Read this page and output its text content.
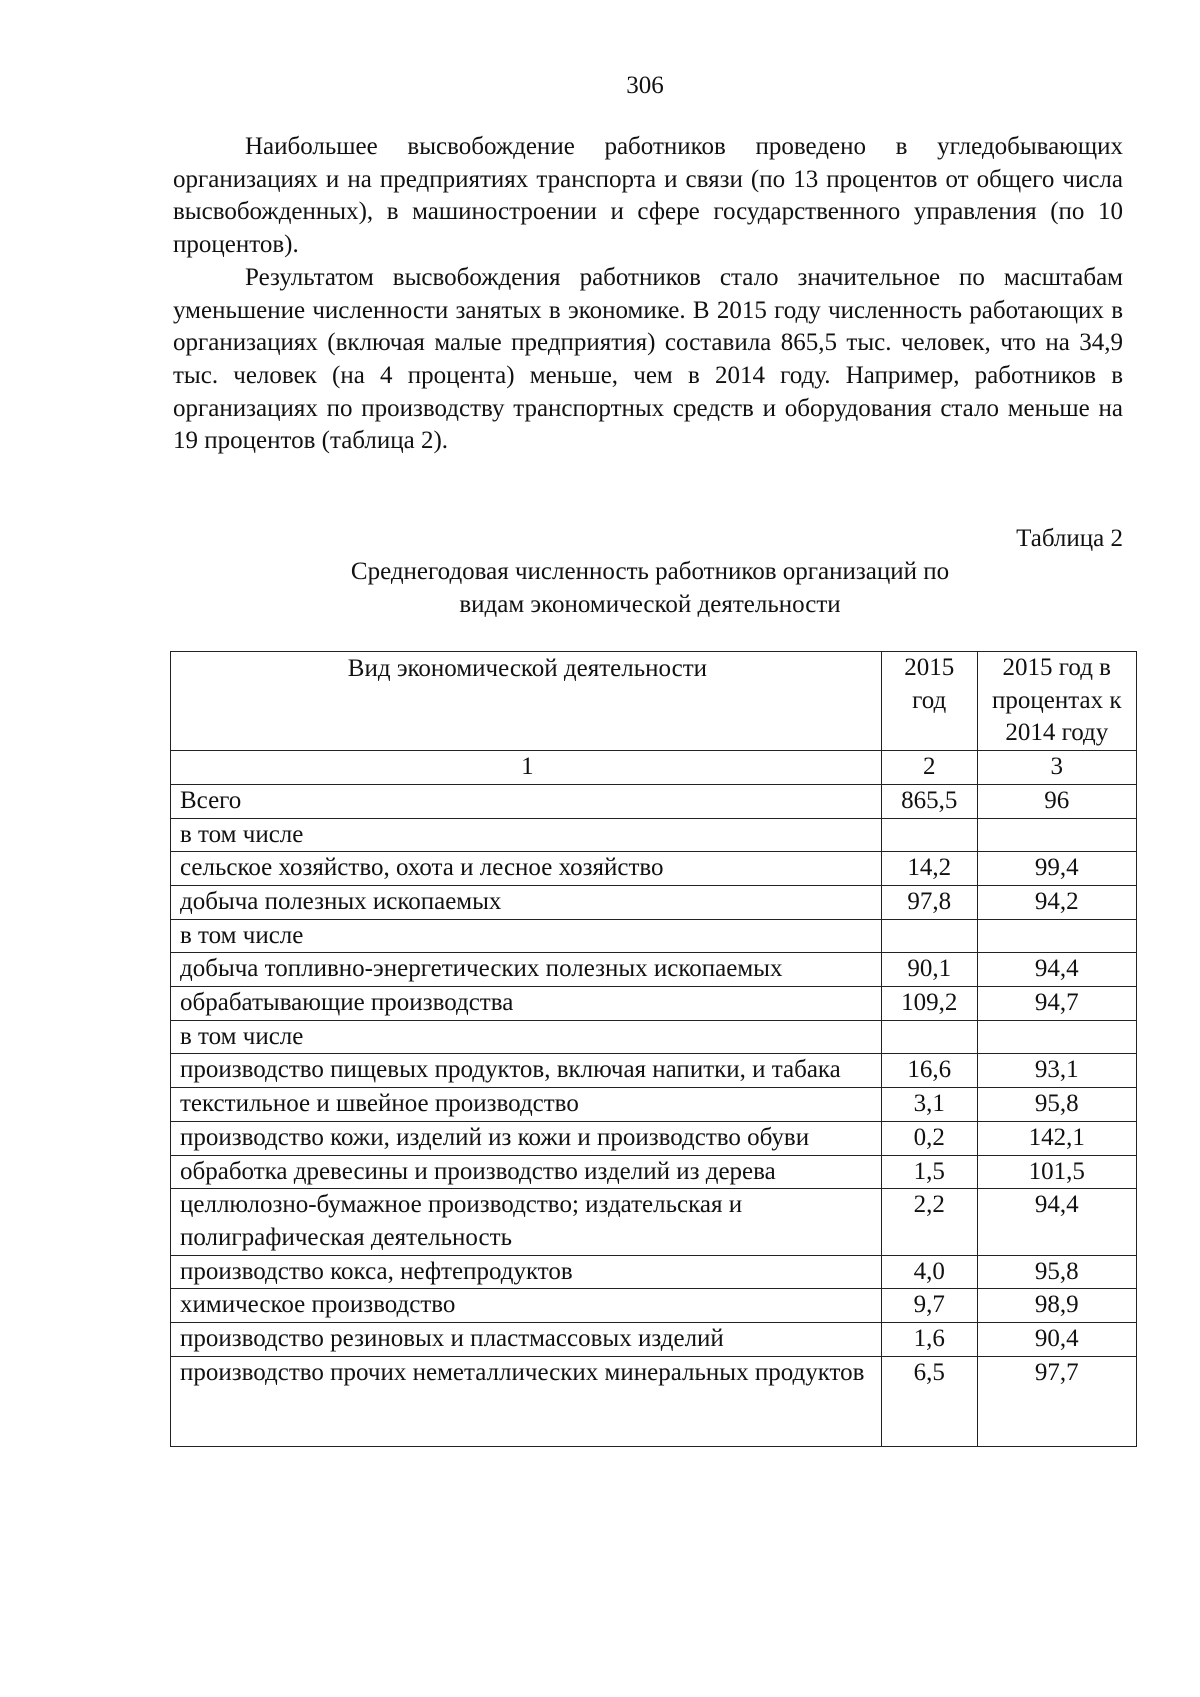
306

Наибольшее высвобождение работников проведено в угледобывающих организациях и на предприятиях транспорта и связи (по 13 процентов от общего числа высвобожденных), в машиностроении и сфере государственного управления (по 10 процентов).

Результатом высвобождения работников стало значительное по масштабам уменьшение численности занятых в экономике. В 2015 году численность работающих в организациях (включая малые предприятия) составила 865,5 тыс. человек, что на 34,9 тыс. человек (на 4 процента) меньше, чем в 2014 году. Например, работников в организациях по производству транспортных средств и оборудования стало меньше на 19 процентов (таблица 2).

Таблица 2
Среднегодовая численность работников организаций по
видам экономической деятельности
Вид экономической деятельности	2015 год	2015 год в процентах к 2014 году
1	2	3
Всего	865,5	96
в том числе		
сельское хозяйство, охота и лесное хозяйство	14,2	99,4
добыча полезных ископаемых	97,8	94,2
в том числе		
добыча топливно-энергетических полезных ископаемых	90,1	94,4
обрабатывающие производства	109,2	94,7
в том числе		
производство пищевых продуктов, включая напитки, и табака	16,6	93,1
текстильное и швейное производство	3,1	95,8
производство кожи, изделий из кожи и производство обуви	0,2	142,1
обработка древесины и производство изделий из дерева	1,5	101,5
целлюлозно-бумажное производство; издательская и полиграфическая деятельность	2,2	94,4
производство кокса, нефтепродуктов	4,0	95,8
химическое производство	9,7	98,9
производство резиновых и пластмассовых изделий	1,6	90,4
производство прочих неметаллических минеральных продуктов	6,5	97,7
